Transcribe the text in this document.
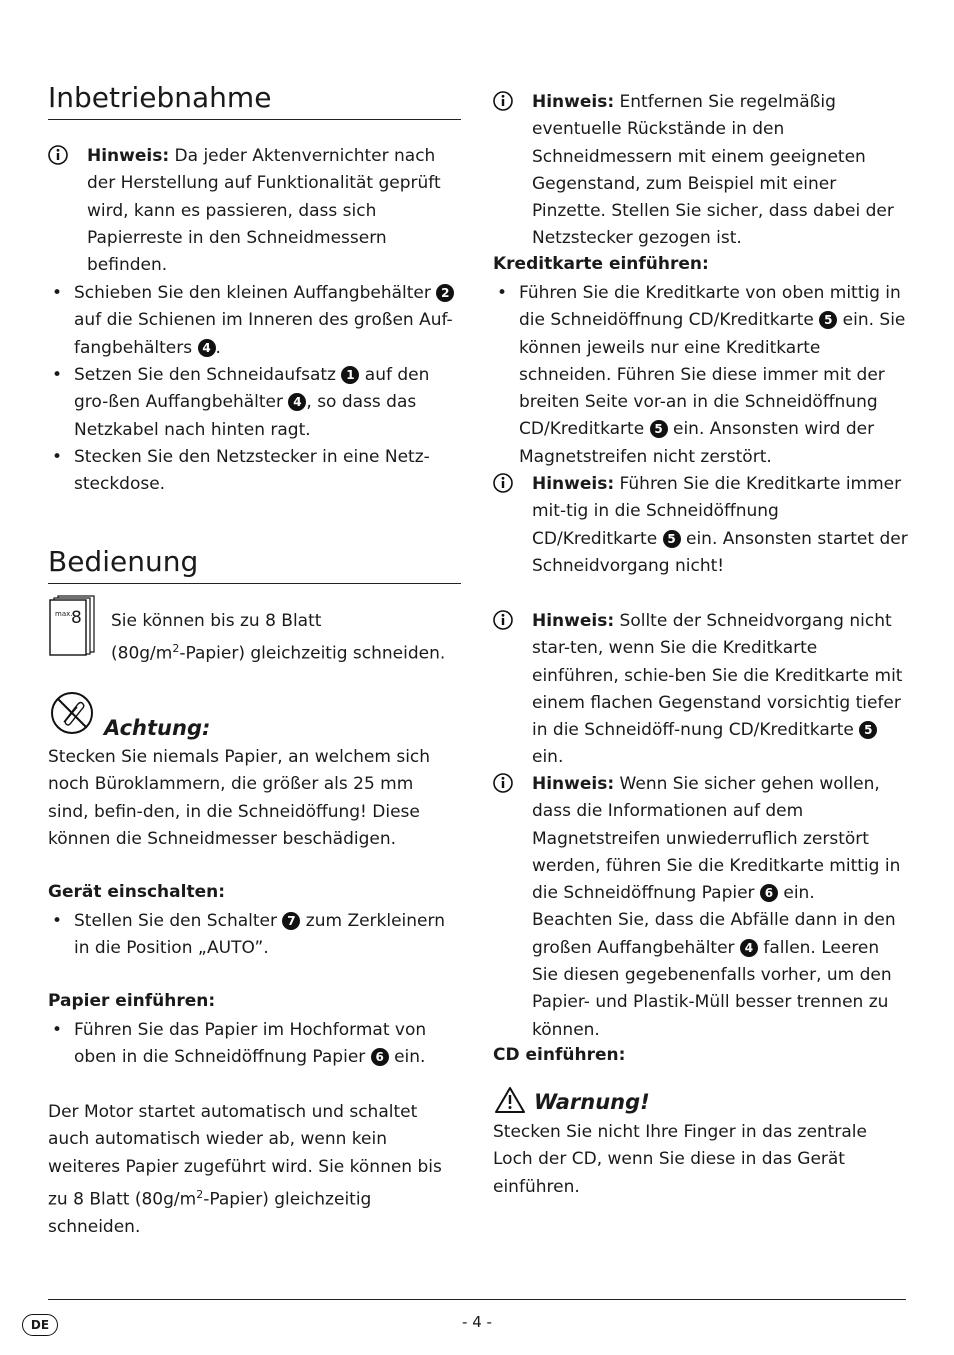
Inbetriebnahme
Hinweis: Da jeder Aktenvernichter nach der Herstellung auf Funktionalität geprüft wird, kann es passieren, dass sich Papierreste in den Schneidmessern befinden.
• Schieben Sie den kleinen Auffangbehälter 2 auf die Schienen im Inneren des großen Auf-fangbehälters 4 .
• Setzen Sie den Schneidaufsatz 1 auf den gro-ßen Auffangbehälter 4 , so dass das Netzkabel nach hinten ragt.
• Stecken Sie den Netzstecker in eine Netz-steckdose.
Bedienung
max.
8 Sie können bis zu 8 Blatt
$(80g/m^2-Papier)$ gleichzeitig schneiden.
Achtung:
Stecken Sie niemals Papier, an welchem sich noch Büroklammern, die größer als 25 mm sind, befin-den, in die Schneidöffung! Diese können die Schneidmesser beschädigen.
Gerät einschalten:
• Stellen Sie den Schalter 7 zum Zerkleinern in die Position „AUTO”.
Papier einführen:
• Führen Sie das Papier im Hochformat von oben in die Schneidöffnung Papier 6 ein.
Der Motor startet automatisch und schaltet auch automatisch wieder ab, wenn kein weiteres Papier zugeführt wird. Sie können bis zu 8 Blatt $(80g/m^2-Papier)$ gleichzeitig schneiden.
Hinweis: Entfernen Sie regelmäßig eventuelle Rückstände in den Schneidmessern mit einem geeigneten Gegenstand, zum Beispiel mit einer Pinzette. Stellen Sie sicher, dass dabei der Netzstecker gezogen ist.
Kreditkarte einführen:
• Führen Sie die Kreditkarte von oben mittig in die Schneidöffnung CD/Kreditkarte 5 ein. Sie können jeweils nur eine Kreditkarte schneiden. Führen Sie diese immer mit der breiten Seite vor-an in die Schneidöffnung CD/Kreditkarte 5 ein. Ansonsten wird der Magnetstreifen nicht zerstört.
Hinweis: Führen Sie die Kreditkarte immer mit-tig in die Schneidöffnung CD/Kreditkarte 5 ein. Ansonsten startet der Schneidvorgang nicht!
Hinweis: Sollte der Schneidvorgang nicht star-ten, wenn Sie die Kreditkarte einführen, schie-ben Sie die Kreditkarte mit einem flachen Gegenstand vorsichtig tiefer in die Schneidöff-nung CD/Kreditkarte 5 ein.
Hinweis: Wenn Sie sicher gehen wollen, dass die Informationen auf dem Magnetstreifen unwiederruflich zerstört werden, führen Sie die Kreditkarte mittig in die Schneidöffnung Papier 6 ein.
Beachten Sie, dass die Abfälle dann in den großen Auffangbehälter 4 fallen. Leeren Sie diesen gegebenenfalls vorher, um den Papier- und Plastik-Müll besser trennen zu können.
CD einführen:
Warnung!
Stecken Sie nicht Ihre Finger in das zentrale Loch der CD, wenn Sie diese in das Gerät einführen.
DE	- 4 -
